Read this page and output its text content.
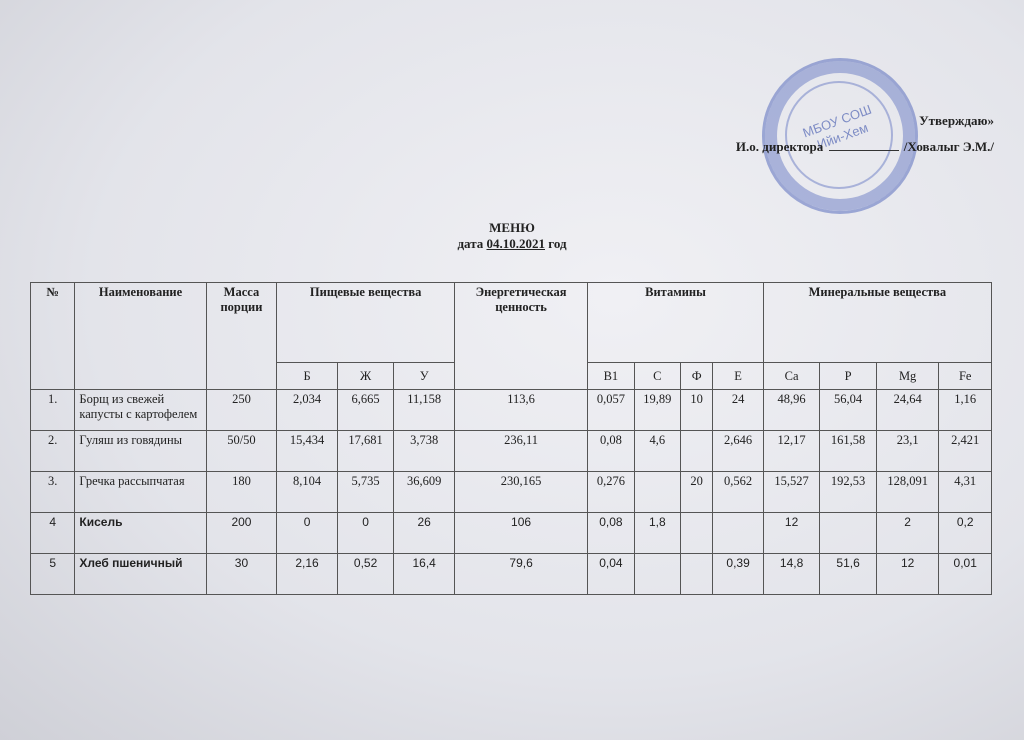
МБОУ СОШ Ийи-Хем	Утверждаю»
И.о. директора	/Ховалыг Э.М./
МЕНЮ
дата 04.10.2021 год
№	Наименование	Масса порции	Пищевые вещества			Энергетическая ценность	Витамины				Минеральные вещества			
			Б	Ж	У		В1	С	Ф	Е	Са	Р	Mg	Fe
1.	Борщ из свежей капусты с картофелем	250	2,034	6,665	11,158	113,6	0,057	19,89	10	24	48,96	56,04	24,64	1,16
2.	Гуляш из говядины	50/50	15,434	17,681	3,738	236,11	0,08	4,6		2,646	12,17	161,58	23,1	2,421
3.	Гречка рассыпчатая	180	8,104	5,735	36,609	230,165	0,276		20	0,562	15,527	192,53	128,091	4,31
4	Кисель	200	0	0	26	106	0,08	1,8			12		2	0,2
5	Хлеб пшеничный	30	2,16	0,52	16,4	79,6	0,04			0,39	14,8	51,6	12	0,01
